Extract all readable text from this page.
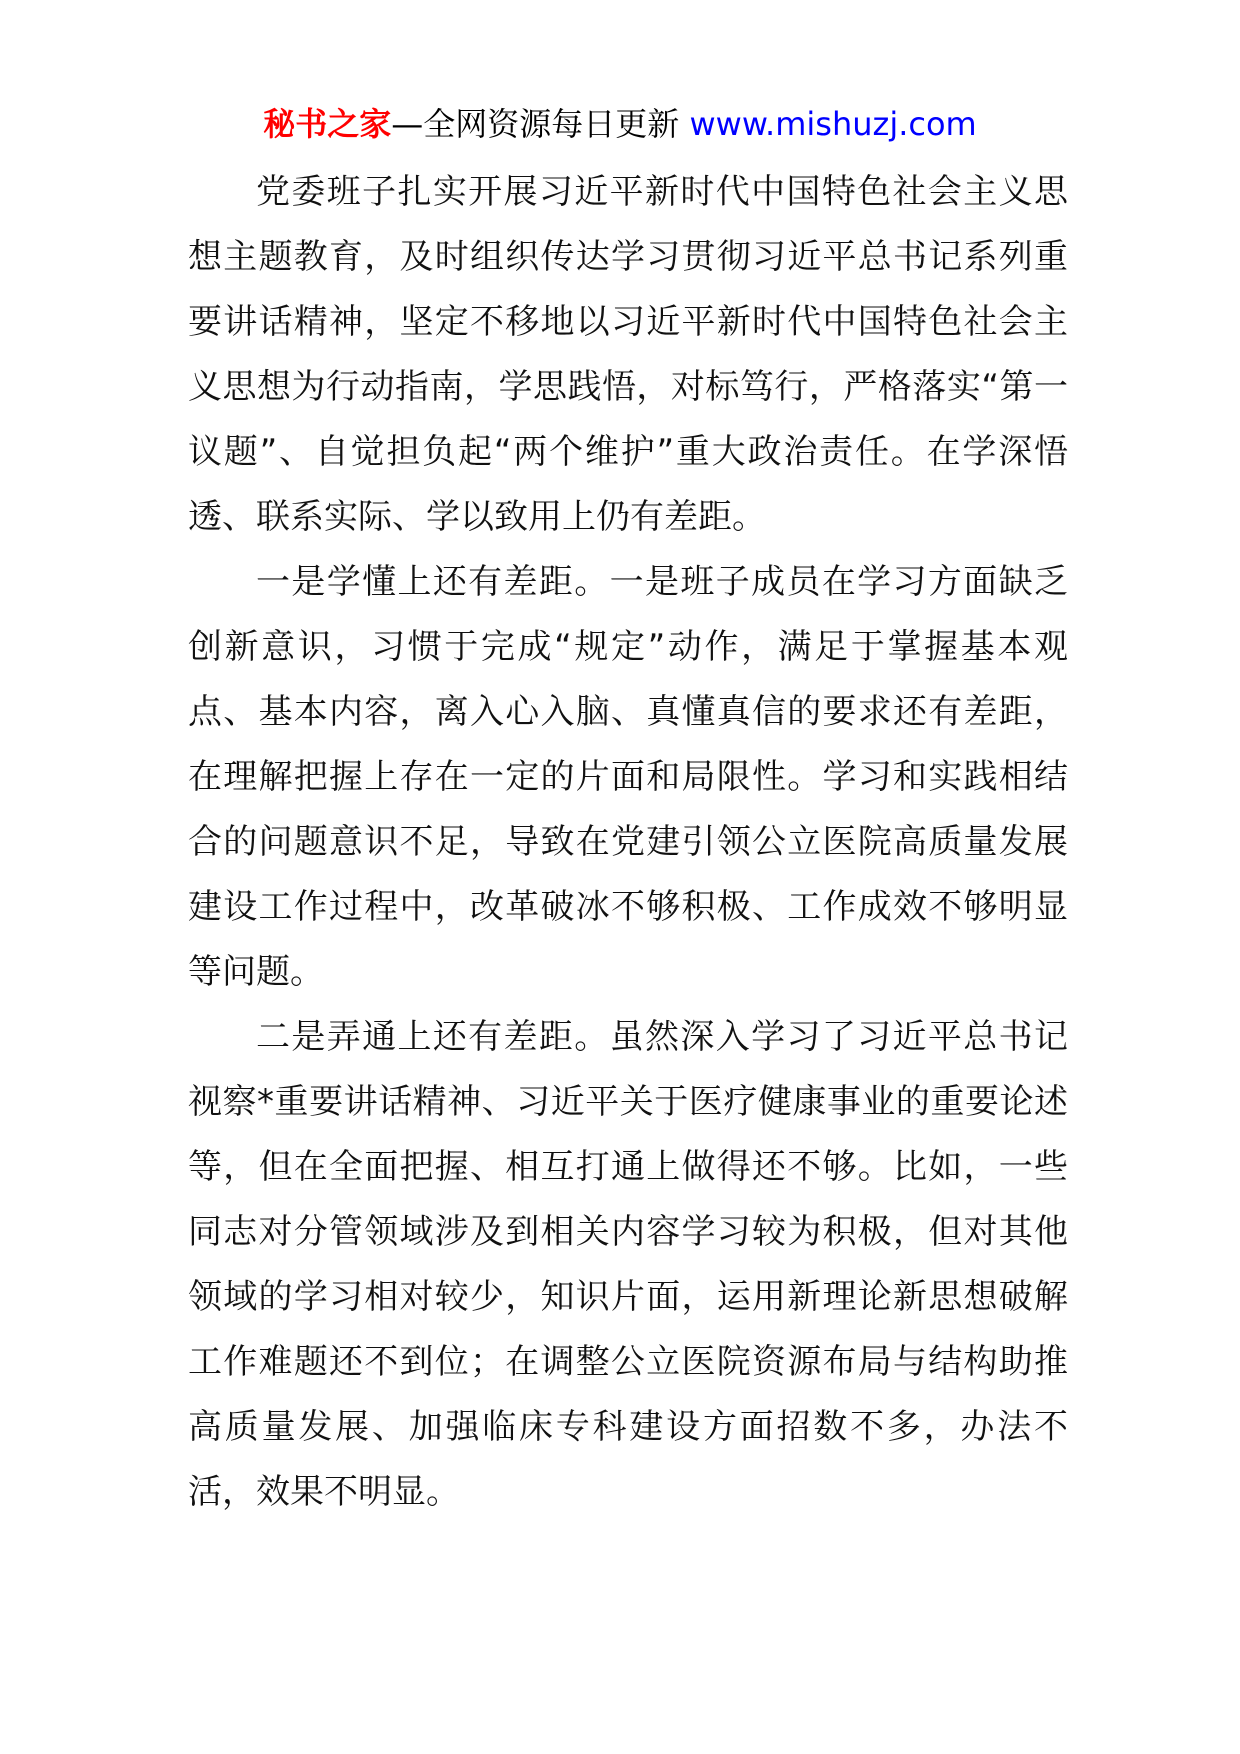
秘书之家—全网资源每日更新 www.mishuzj.com

党委班子扎实开展习近平新时代中国特色社会主义思想主题教育，及时组织传达学习贯彻习近平总书记系列重要讲话精神，坚定不移地以习近平新时代中国特色社会主义思想为行动指南，学思践悟，对标笃行，严格落实“第一议题”、自觉担负起“两个维护”重大政治责任。在学深悟透、联系实际、学以致用上仍有差距。

一是学懂上还有差距。一是班子成员在学习方面缺乏创新意识，习惯于完成“规定”动作，满足于掌握基本观点、基本内容，离入心入脑、真懂真信的要求还有差距，在理解把握上存在一定的片面和局限性。学习和实践相结合的问题意识不足，导致在党建引领公立医院高质量发展建设工作过程中，改革破冰不够积极、工作成效不够明显等问题。

二是弄通上还有差距。虽然深入学习了习近平总书记视察*重要讲话精神、习近平关于医疗健康事业的重要论述等，但在全面把握、相互打通上做得还不够。比如，一些同志对分管领域涉及到相关内容学习较为积极，但对其他领域的学习相对较少，知识片面，运用新理论新思想破解工作难题还不到位；在调整公立医院资源布局与结构助推高质量发展、加强临床专科建设方面招数不多，办法不活，效果不明显。
